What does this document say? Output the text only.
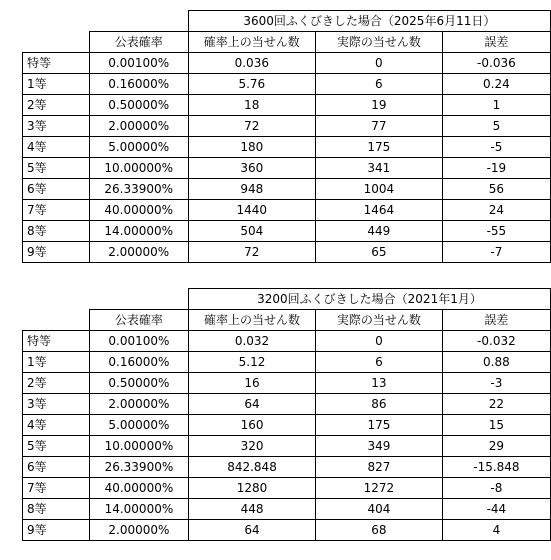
		3600回ふくびきした場合（2025年6月11日）		
	公表確率	確率上の当せん数	実際の当せん数	誤差
特等	0.00100%	0.036	0	-0.036
1等	0.16000%	5.76	6	0.24
2等	0.50000%	18	19	1
3等	2.00000%	72	77	5
4等	5.00000%	180	175	-5
5等	10.00000%	360	341	-19
6等	26.33900%	948	1004	56
7等	40.00000%	1440	1464	24
8等	14.00000%	504	449	-55
9等	2.00000%	72	65	-7
		3200回ふくびきした場合（2021年1月）		
	公表確率	確率上の当せん数	実際の当せん数	誤差
特等	0.00100%	0.032	0	-0.032
1等	0.16000%	5.12	6	0.88
2等	0.50000%	16	13	-3
3等	2.00000%	64	86	22
4等	5.00000%	160	175	15
5等	10.00000%	320	349	29
6等	26.33900%	842.848	827	-15.848
7等	40.00000%	1280	1272	-8
8等	14.00000%	448	404	-44
9等	2.00000%	64	68	4
